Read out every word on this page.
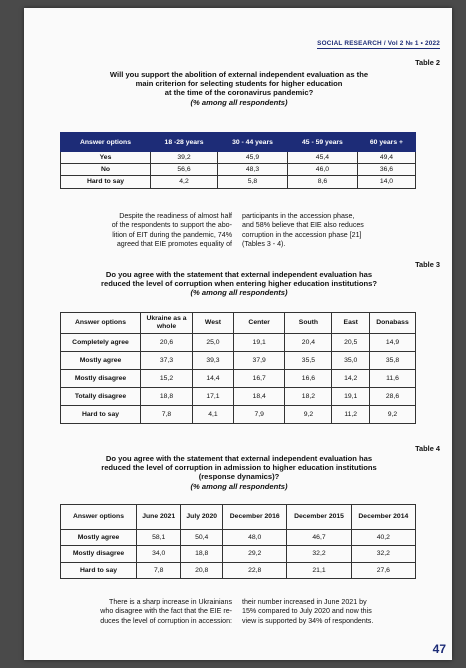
SOCIAL RESEARCH / Vol 2 № 1 • 2022
Table 2
Will you support the abolition of external independent evaluation as the
main criterion for selecting students for higher education
at the time of the coronavirus pandemic?
(% among all respondents)
Answer options	18 -28 years	30 - 44 years	45 - 59 years	60 years +
Yes	39,2	45,9	45,4	49,4
No	56,6	48,3	46,0	36,6
Hard to say	4,2	5,8	8,6	14,0
Despite the readiness of almost half
of the respondents to support the abo-
lition of EIT during the pandemic, 74%
agreed that EIE promotes equality of
participants in the accession phase,
and 58% believe that EIE also reduces
corruption in the accession phase [21]
(Tables 3 - 4).
Table 3
Do you agree with the statement that external independent evaluation has
reduced the level of corruption when entering higher education institutions?
(% among all respondents)
Answer options	Ukraine as a whole	West	Center	South	East	Donabass
Completely agree	20,6	25,0	19,1	20,4	20,5	14,9
Mostly agree	37,3	39,3	37,9	35,5	35,0	35,8
Mostly disagree	15,2	14,4	16,7	16,6	14,2	11,6
Totally disagree	18,8	17,1	18,4	18,2	19,1	28,6
Hard to say	7,8	4,1	7,9	9,2	11,2	9,2
Table 4
Do you agree with the statement that external independent evaluation has
reduced the level of corruption in admission to higher education institutions
(response dynamics)?
(% among all respondents)
Answer options	June 2021	July 2020	December 2016	December 2015	December 2014
Mostly agree	58,1	50,4	48,0	46,7	40,2
Mostly disagree	34,0	18,8	29,2	32,2	32,2
Hard to say	7,8	20,8	22,8	21,1	27,6
There is a sharp increase in Ukrainians
who disagree with the fact that the EIE re-
duces the level of corruption in accession:
their number increased in June 2021 by
15% compared to July 2020 and now this
view is supported by 34% of respondents.
47
